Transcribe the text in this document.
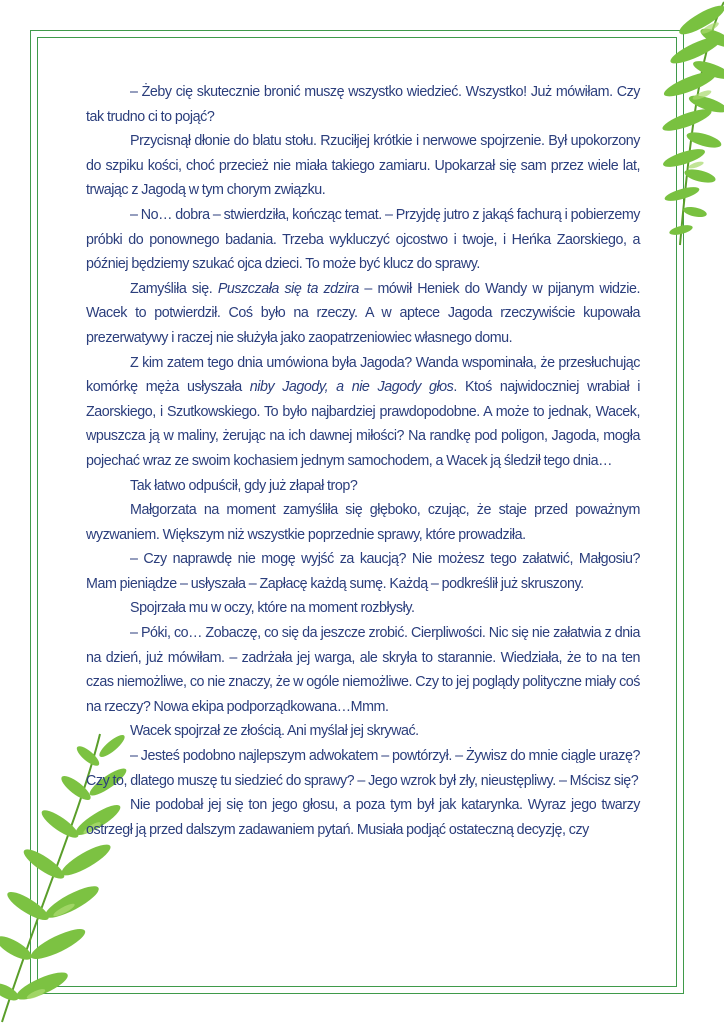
– Żeby cię skutecznie bronić muszę wszystko wiedzieć. Wszystko! Już mówiłam. Czy tak trudno ci to pojąć?

Przycisnął dłonie do blatu stołu. Rzuciłjej krótkie i nerwowe spojrzenie. Był upokorzony do szpiku kości, choć przecież nie miała takiego zamiaru. Upokarzał się sam przez wiele lat, trwając z Jagodą w tym chorym związku.

– No… dobra – stwierdziła, kończąc temat. – Przyjdę jutro z jakąś fachurą i pobierzemy próbki do ponownego badania. Trzeba wykluczyć ojcostwo i twoje, i Heńka Zaorskiego, a później będziemy szukać ojca dzieci. To może być klucz do sprawy.

Zamyśliła się. Puszczała się ta zdzira – mówił Heniek do Wandy w pijanym widzie. Wacek to potwierdził. Coś było na rzeczy. A w aptece Jagoda rzeczywiście kupowała prezerwatywy i raczej nie służyła jako zaopatrzeniowiec własnego domu.

Z kim zatem tego dnia umówiona była Jagoda? Wanda wspominała, że przesłuchując komórkę męża usłyszała niby Jagody, a nie Jagody głos. Ktoś najwidoczniej wrabiał i Zaorskiego, i Szutkowskiego. To było najbardziej prawdopodobne. A może to jednak, Wacek, wpuszcza ją w maliny, żerując na ich dawnej miłości? Na randkę pod poligon, Jagoda, mogła pojechać wraz ze swoim kochasiem jednym samochodem, a Wacek ją śledził tego dnia…

Tak łatwo odpuścił, gdy już złapał trop?

Małgorzata na moment zamyśliła się głęboko, czując, że staje przed poważnym wyzwaniem. Większym niż wszystkie poprzednie sprawy, które prowadziła.

– Czy naprawdę nie mogę wyjść za kaucją? Nie możesz tego załatwić, Małgosiu? Mam pieniądze – usłyszała – Zapłacę każdą sumę. Każdą – podkreślił już skruszony.

Spojrzała mu w oczy, które na moment rozbłysły.

– Póki, co… Zobaczę, co się da jeszcze zrobić. Cierpliwości. Nic się nie załatwia z dnia na dzień, już mówiłam. – zadrżała jej warga, ale skryła to starannie. Wiedziała, że to na ten czas niemożliwe, co nie znaczy, że w ogóle niemożliwe. Czy to jej poglądy polityczne miały coś na rzeczy? Nowa ekipa podporządkowana…Mmm.

Wacek spojrzał ze złością. Ani myślał jej skrywać.

– Jesteś podobno najlepszym adwokatem – powtórzył. – Żywisz do mnie ciągle urazę? Czy to, dlatego muszę tu siedzieć do sprawy? – Jego wzrok był zły, nieustępliwy. – Mścisz się?

Nie podobał jej się ton jego głosu, a poza tym był jak katarynka. Wyraz jego twarzy ostrzegł ją przed dalszym zadawaniem pytań. Musiała podjąć ostateczną decyzję, czy
